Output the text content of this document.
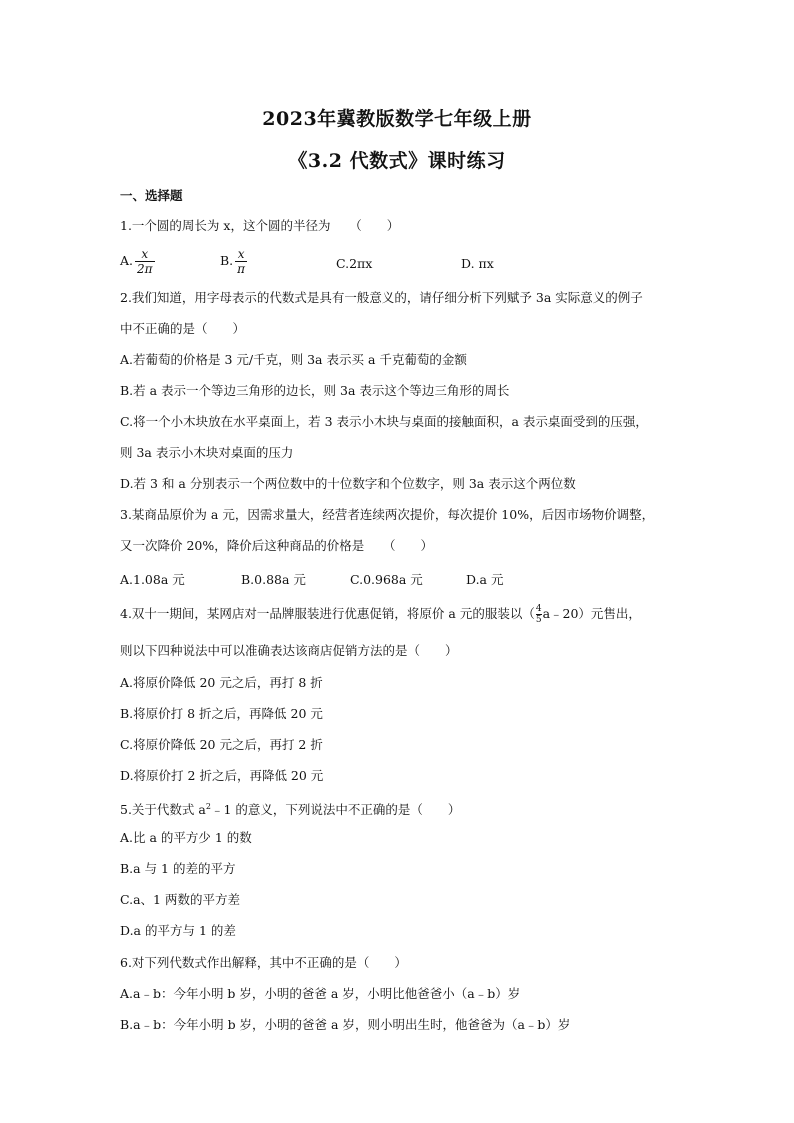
2023年冀教版数学七年级上册
《3.2 代数式》课时练习
一、选择题
1.一个圆的周长为 x，这个圆的半径为　　（　　）
A. $\frac{x}{2\pi}$	B. $\frac{x}{\pi}$	C.2πx	D. πx
2.我们知道，用字母表示的代数式是具有一般意义的，请仔细分析下列赋予 3a 实际意义的例子
中不正确的是（　　）
A.若葡萄的价格是 3 元/千克，则 3a 表示买 a 千克葡萄的金额
B.若 a 表示一个等边三角形的边长，则 3a 表示这个等边三角形的周长
C.将一个小木块放在水平桌面上，若 3 表示小木块与桌面的接触面积，a 表示桌面受到的压强，
则 3a 表示小木块对桌面的压力
D.若 3 和 a 分别表示一个两位数中的十位数字和个位数字，则 3a 表示这个两位数
3.某商品原价为 a 元，因需求量大，经营者连续两次提价，每次提价 10%，后因市场物价调整，
又一次降价 20%，降价后这种商品的价格是　　（　　）
A.1.08a 元	B.0.88a 元	C.0.968a 元	D.a 元
4.双十一期间，某网店对一品牌服装进行优惠促销，将原价 a 元的服装以（ $\frac{4}{5}$ a﹣20）元售出，
则以下四种说法中可以准确表达该商店促销方法的是（　　）
A.将原价降低 20 元之后，再打 8 折
B.将原价打 8 折之后，再降低 20 元
C.将原价降低 20 元之后，再打 2 折
D.将原价打 2 折之后，再降低 20 元
5.关于代数式 $a^2﹣1$ 的意义，下列说法中不正确的是（　　）
A.比 a 的平方少 1 的数
B.a 与 1 的差的平方
C.a、1 两数的平方差
D.a 的平方与 1 的差
6.对下列代数式作出解释，其中不正确的是（　　）
A.a﹣b：今年小明 b 岁，小明的爸爸 a 岁，小明比他爸爸小（a﹣b）岁
B.a﹣b：今年小明 b 岁，小明的爸爸 a 岁，则小明出生时，他爸爸为（a﹣b）岁
